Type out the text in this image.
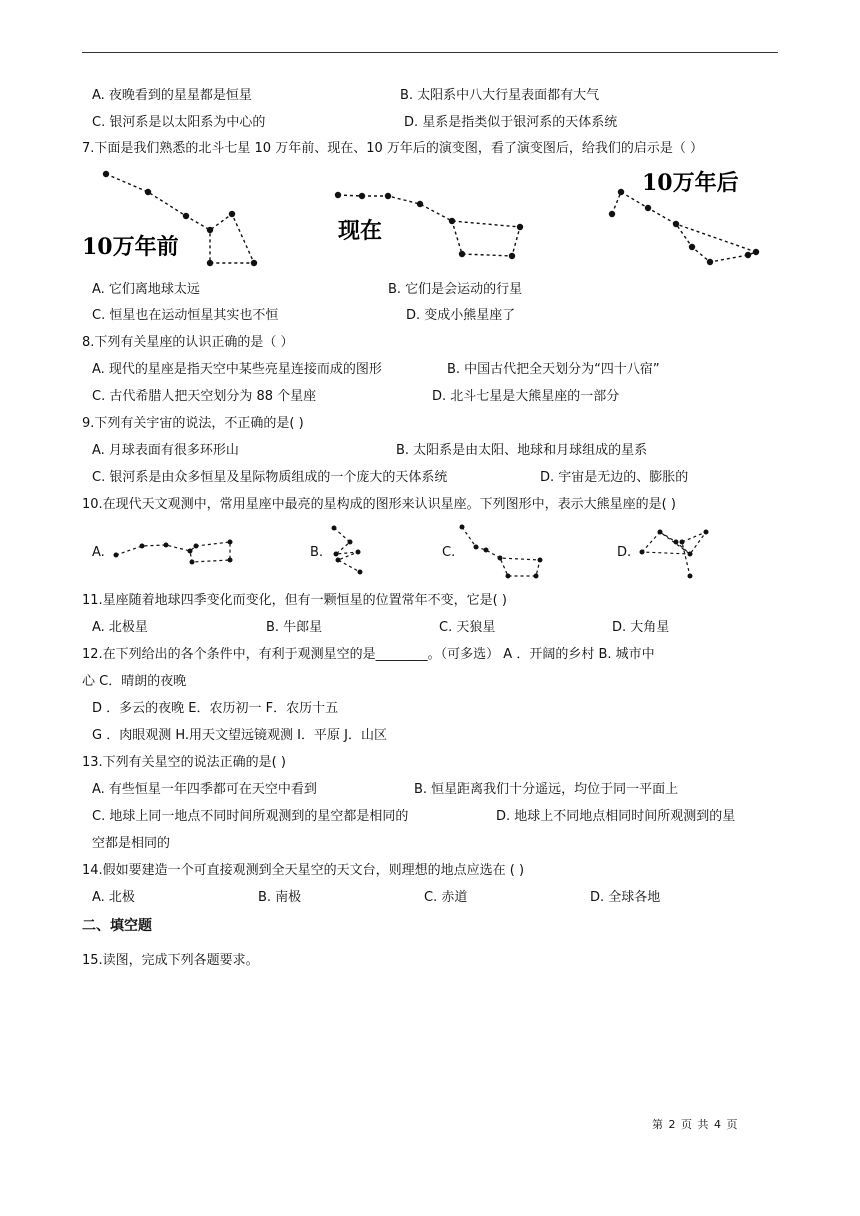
A. 夜晚看到的星星都是恒星	B. 太阳系中八大行星表面都有大气
C. 银河系是以太阳系为中心的	D. 星系是指类似于银河系的天体系统
7.下面是我们熟悉的北斗七星 10 万年前、现在、10 万年后的演变图，看了演变图后，给我们的启示是（ ）
10万年前
现在
10万年后
A. 它们离地球太远	B. 它们是会运动的行星
C. 恒星也在运动恒星其实也不恒	D. 变成小熊星座了
8.下列有关星座的认识正确的是（ ）
A. 现代的星座是指天空中某些亮星连接而成的图形	B. 中国古代把全天划分为“四十八宿”
C. 古代希腊人把天空划分为 88 个星座	D. 北斗七星是大熊星座的一部分
9.下列有关宇宙的说法，不正确的是( )
A. 月球表面有很多环形山	B. 太阳系是由太阳、地球和月球组成的星系
C. 银河系是由众多恒星及星际物质组成的一个庞大的天体系统	D. 宇宙是无边的、膨胀的
10.在现代天文观测中，常用星座中最亮的星构成的图形来认识星座。下列图形中，表示大熊星座的是( )
A.	B.	C.	D.
11.星座随着地球四季变化而变化，但有一颗恒星的位置常年不变，它是( )
A. 北极星	B. 牛郎星	C. 天狼星	D. 大角星
12.在下列给出的各个条件中，有利于观测星空的是________。（可多选） A ．开阔的乡村 B. 城市中
心 C．晴朗的夜晚
D ．多云的夜晚 E．农历初一 F．农历十五
G ．肉眼观测 H.用天文望远镜观测 I．平原 J．山区
13.下列有关星空的说法正确的是( )
A. 有些恒星一年四季都可在天空中看到	B. 恒星距离我们十分遥远，均位于同一平面上
C. 地球上同一地点不同时间所观测到的星空都是相同的	D. 地球上不同地点相同时间所观测到的星
空都是相同的
14.假如要建造一个可直接观测到全天星空的天文台，则理想的地点应选在 ( )
A. 北极	B. 南极	C. 赤道	D. 全球各地
二、填空题
15.读图，完成下列各题要求。
第 2 页 共 4 页
